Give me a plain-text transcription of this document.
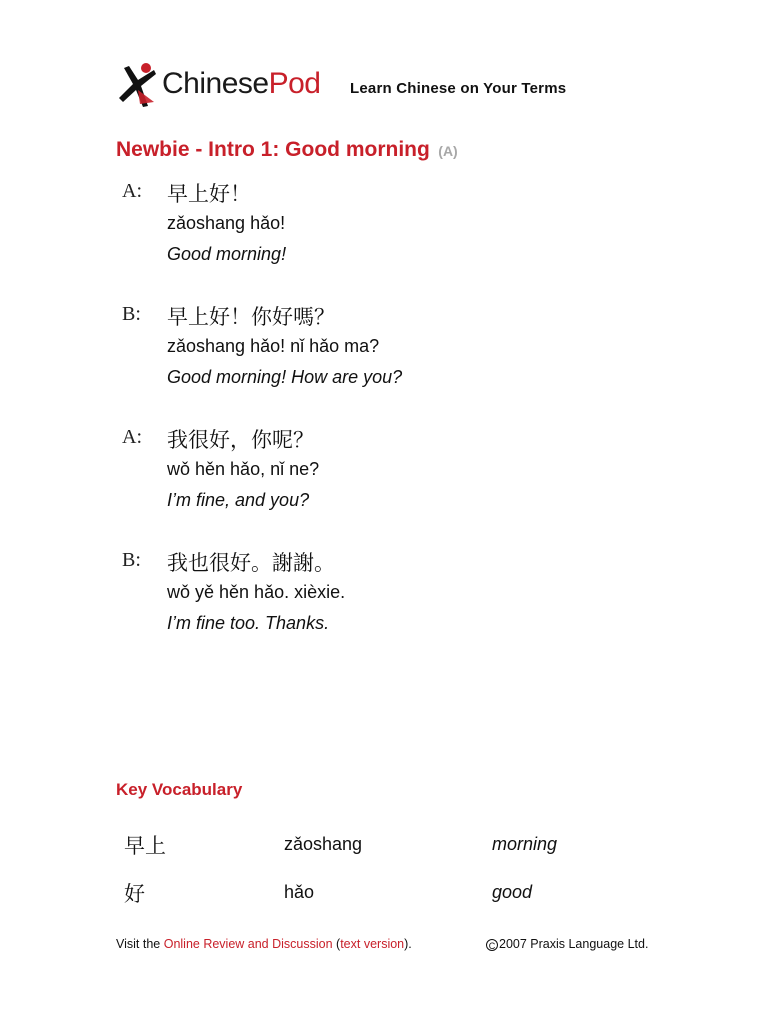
ChinesePod Learn Chinese on Your Terms
Newbie - Intro 1: Good morning (A)
A: 早上好！
zǎoshang hǎo!
Good morning!
B: 早上好！你好嗎？
zǎoshang hǎo! nǐ hǎo ma?
Good morning! How are you?
A: 我很好，你呢？
wǒ hěn hǎo, nǐ ne?
I’m fine, and you?
B: 我也很好。謝謝。
wǒ yě hěn hǎo. xièxie.
I’m fine too. Thanks.
Key Vocabulary
早上	zǎoshang	morning
好	hǎo	good
Visit the Online Review and Discussion (text version).	C 2007 Praxis Language Ltd.
